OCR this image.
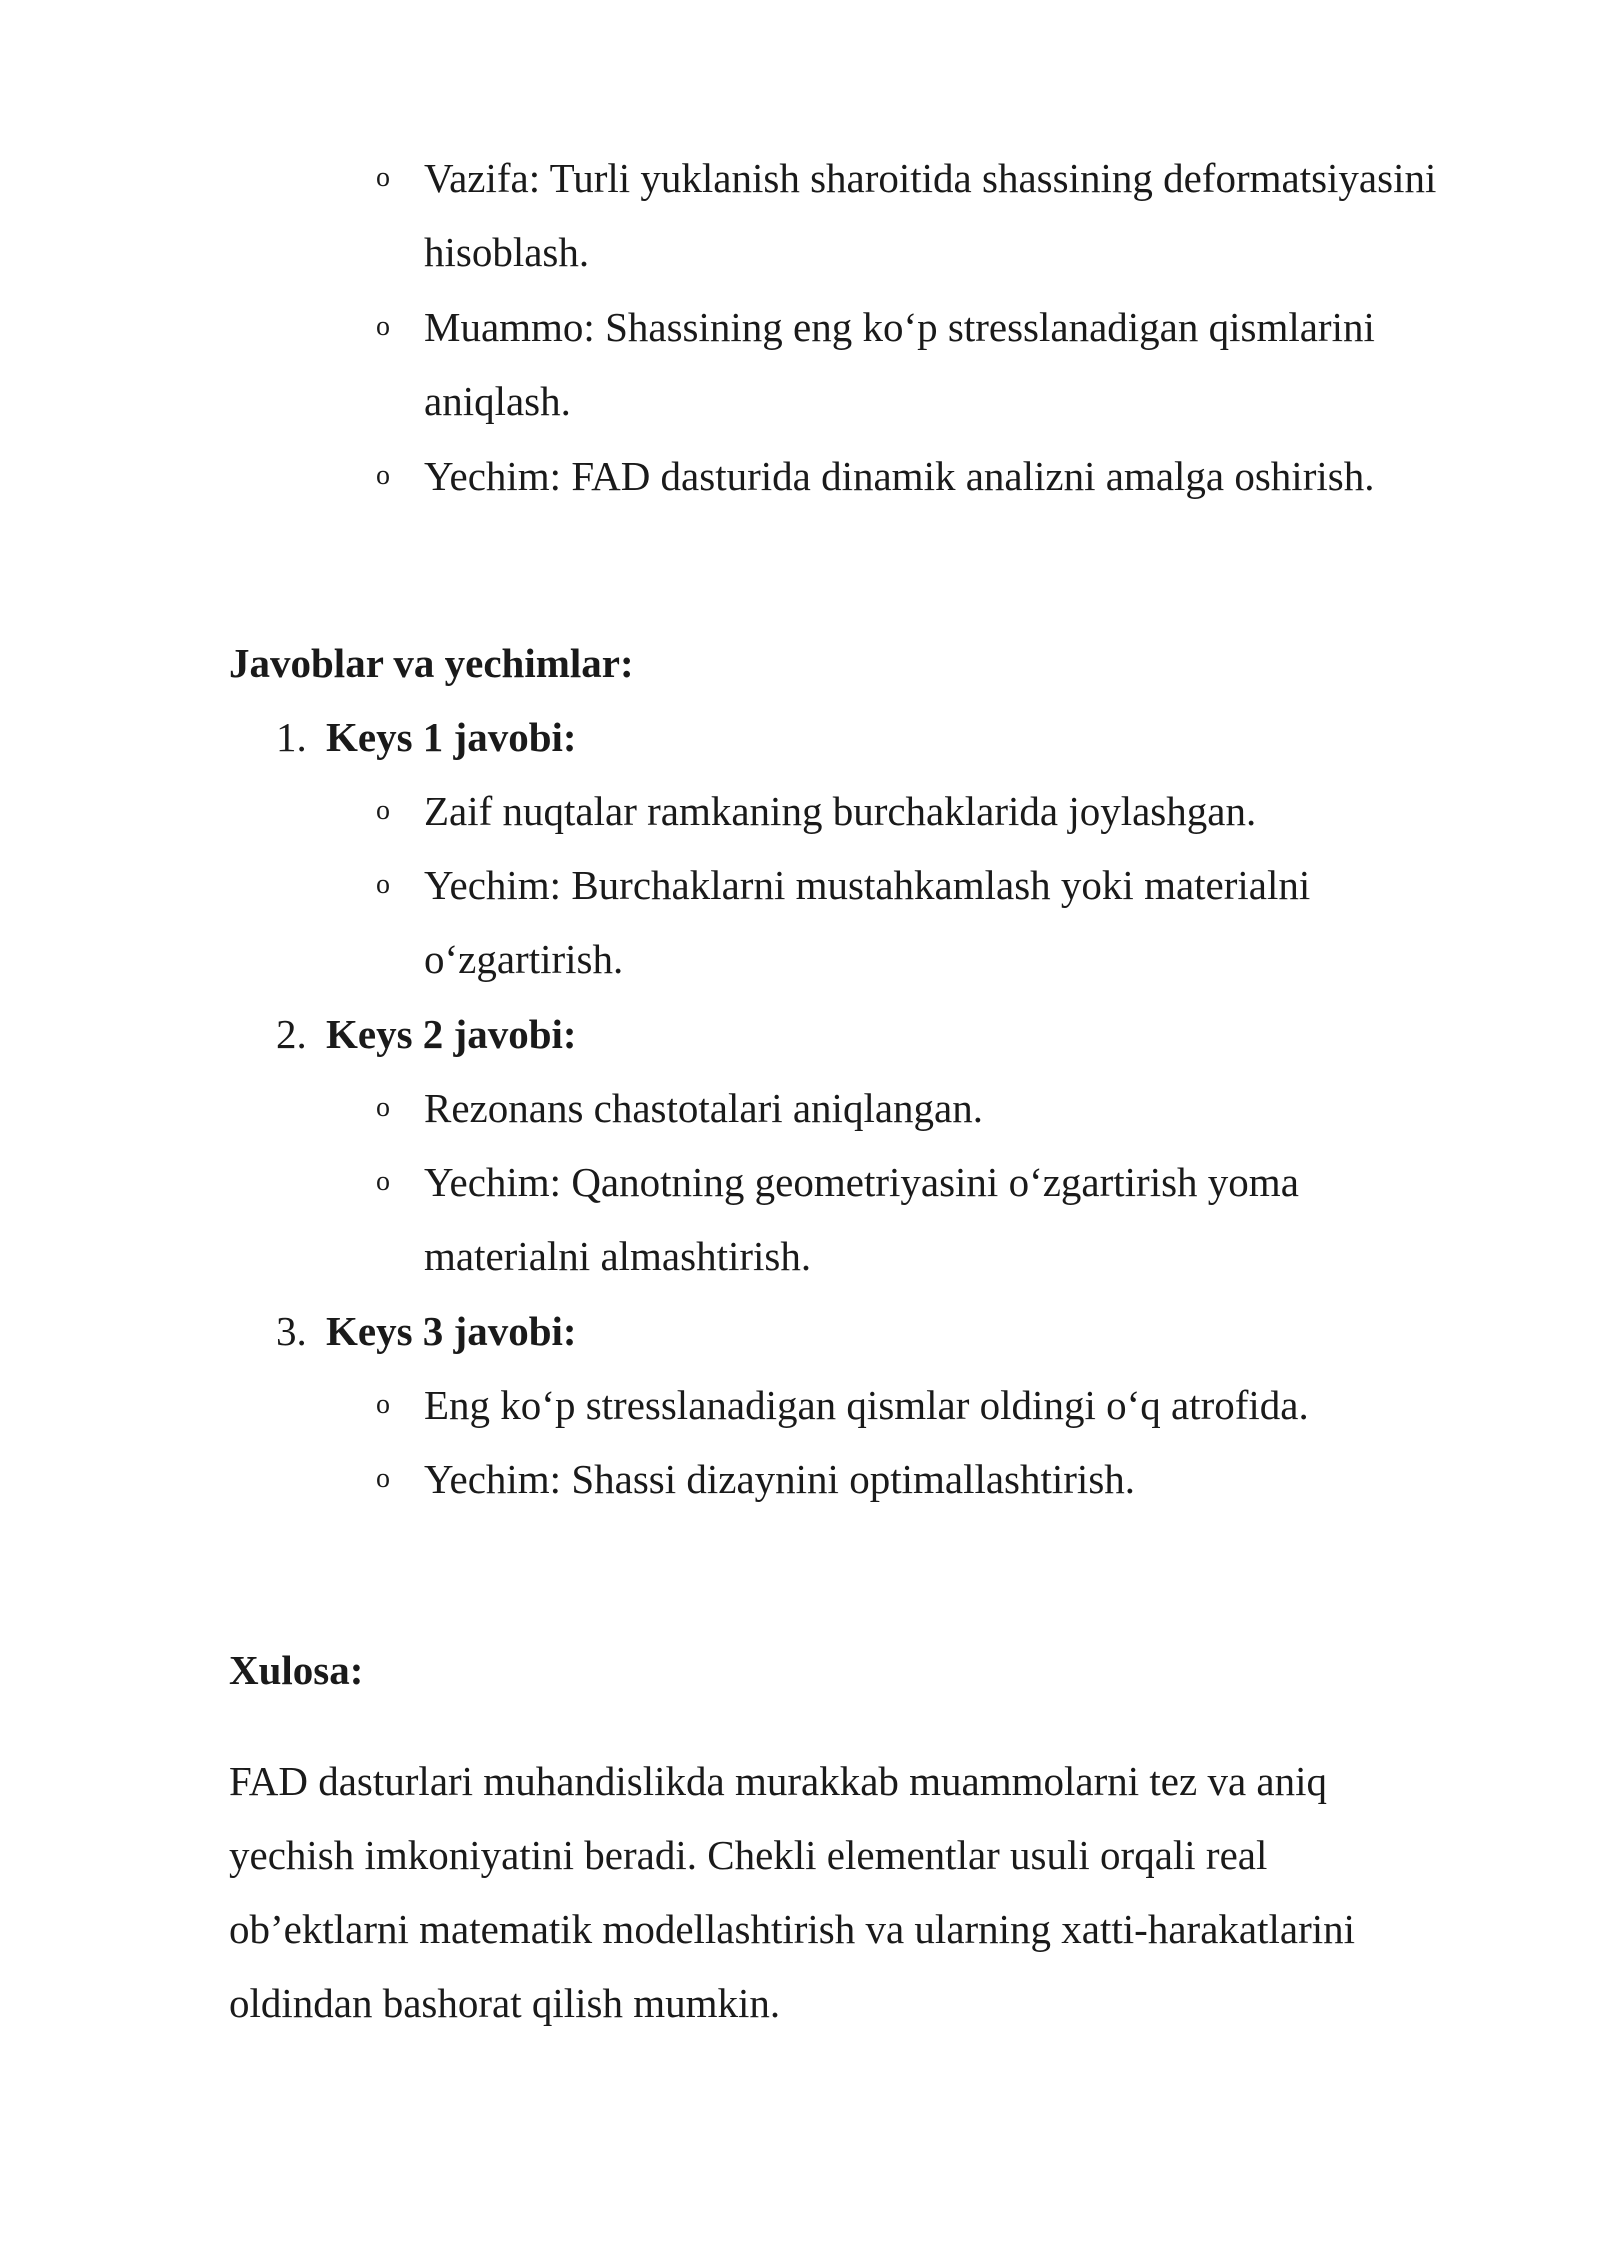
o Vazifa: Turli yuklanish sharoitida shassining deformatsiyasini hisoblash.
o Muammo: Shassining eng ko‘p stresslanadigan qismlarini aniqlash.
o Yechim: FAD dasturida dinamik analizni amalga oshirish.
Javoblar va yechimlar:
1. Keys 1 javobi:
o Zaif nuqtalar ramkaning burchaklarida joylashgan.
o Yechim: Burchaklarni mustahkamlash yoki materialni o‘zgartirish.
2. Keys 2 javobi:
o Rezonans chastotalari aniqlangan.
o Yechim: Qanotning geometriyasini o‘zgartirish yoma materialni almashtirish.
3. Keys 3 javobi:
o Eng ko‘p stresslanadigan qismlar oldingi o‘q atrofida.
o Yechim: Shassi dizaynini optimallashtirish.
Xulosa:
FAD dasturlari muhandislikda murakkab muammolarni tez va aniq yechish imkoniyatini beradi. Chekli elementlar usuli orqali real ob’ektlarni matematik modellashtirish va ularning xatti-harakatlarini oldindan bashorat qilish mumkin.
